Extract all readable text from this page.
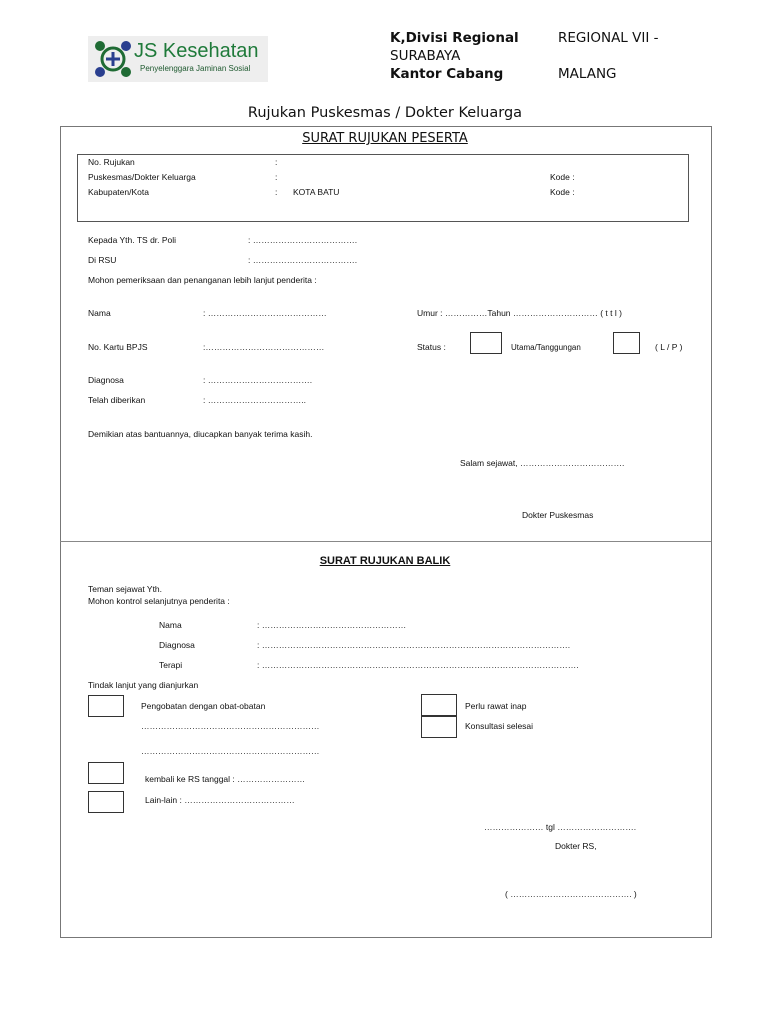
JS Kesehatan
Penyelenggara Jaminan Sosial
K,Divisi Regional	REGIONAL VII -
SURABAYA
Kantor Cabang	MALANG
Rujukan Puskesmas / Dokter Keluarga
SURAT RUJUKAN PESERTA
No. Rujukan	:
Puskesmas/Dokter Keluarga	:	Kode :
Kabupaten/Kota	: KOTA BATU	Kode :
Kepada Yth. TS dr. Poli	: ……………………………….
Di RSU	: ……………………………….
Mohon pemeriksaan dan penanganan lebih lanjut penderita :
Nama	: ……………………………………	Umur : ……………Tahun ………………………… ( t t l )
No. Kartu BPJS	:……………………………………	Status :	Utama/Tanggungan	( L / P )
Diagnosa	: ……………………………….
Telah diberikan	: ……………………………..
Demikian atas bantuannya, diucapkan banyak terima kasih.
Salam sejawat, ……………………………….
Dokter Puskesmas
SURAT RUJUKAN BALIK
Teman sejawat Yth.
Mohon kontrol selanjutnya penderita :
Nama	: ……………………………………………
Diagnosa	: ……………………………………………………………………………………………….
Terapi	: ………………………………………………………………………………………………….
Tindak lanjut yang dianjurkan
Pengobatan dengan obat-obatan
………………………………………………………
………………………………………………………
Perlu rawat inap
Konsultasi selesai
kembali ke RS tanggal : ……………………
Lain-lain : …………………………………
………………… tgl ……………………….
Dokter RS,
( ……………………………………. )
